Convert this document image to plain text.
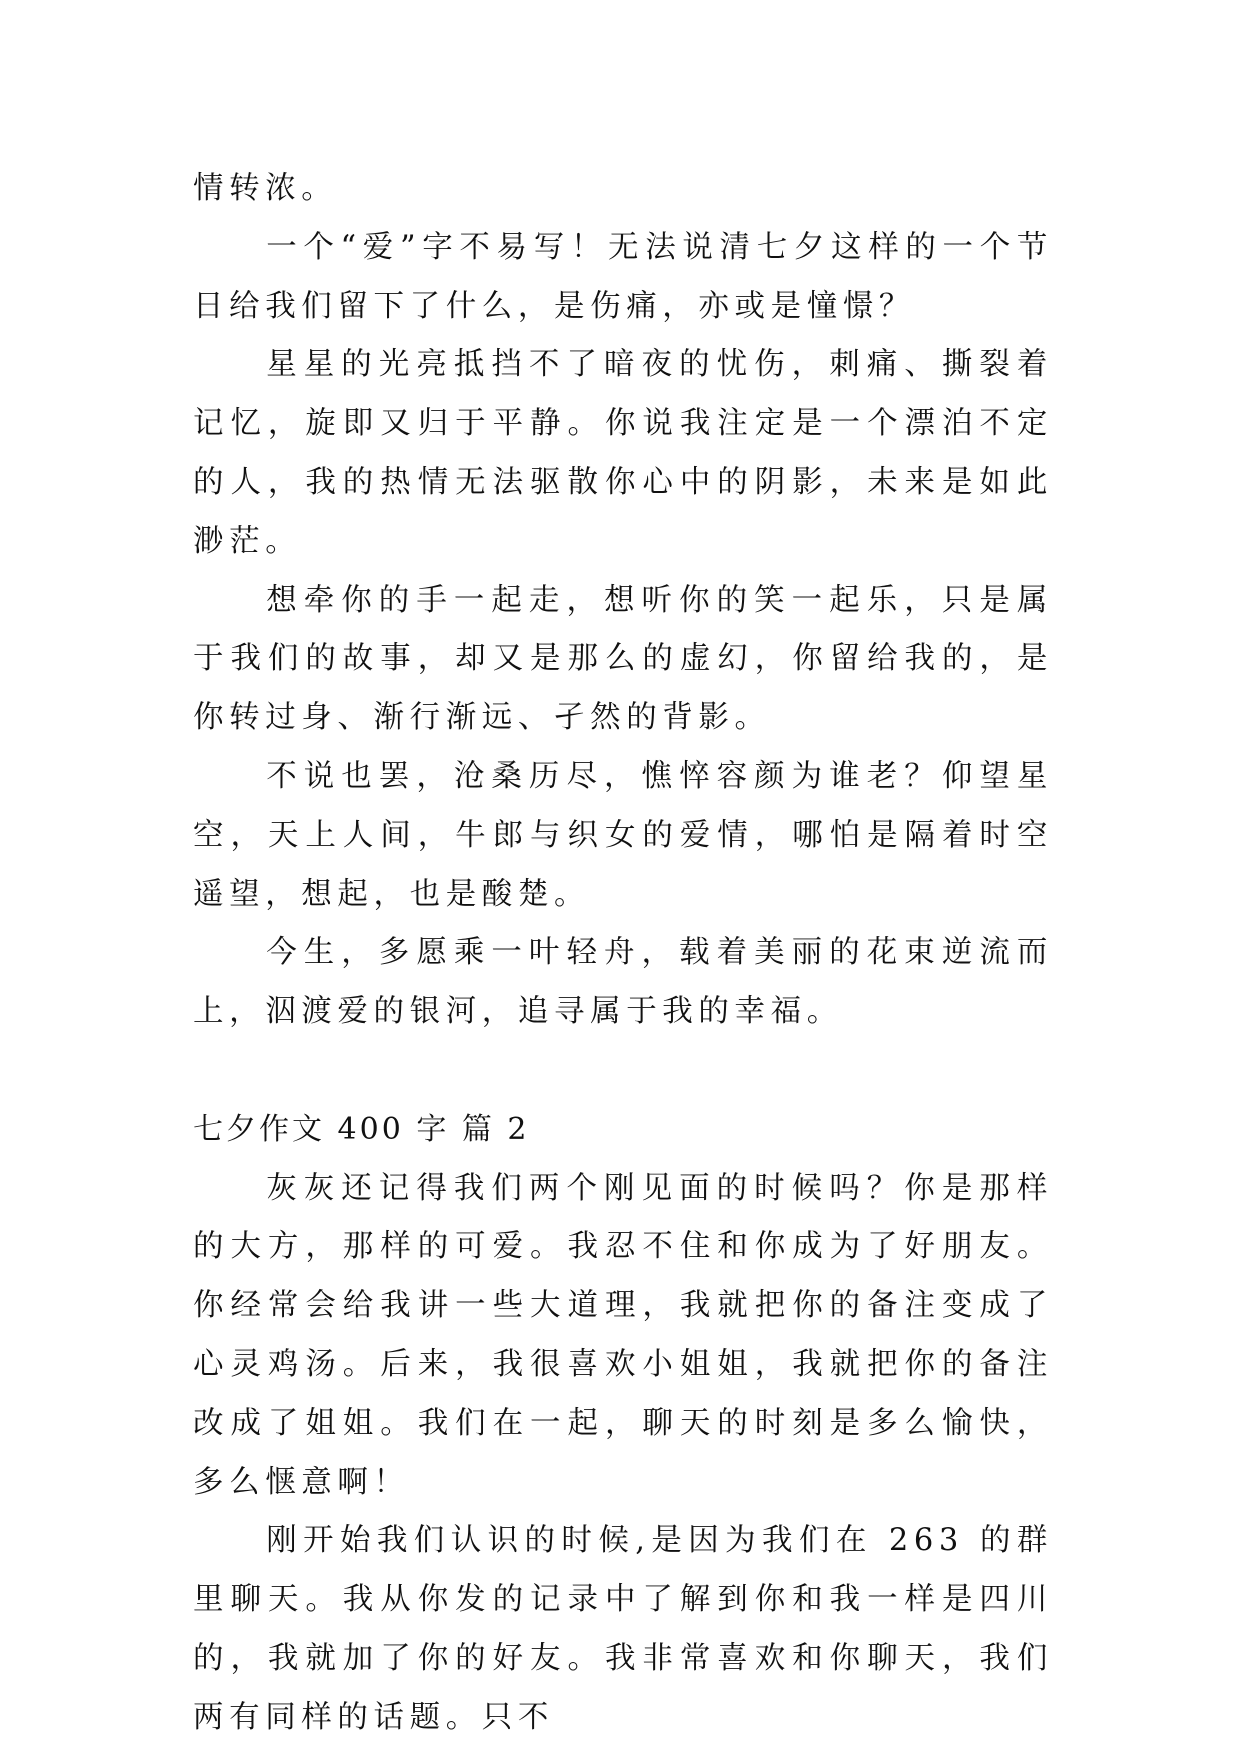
情转浓。

一个“爱”字不易写！无法说清七夕这样的一个节日给我们留下了什么，是伤痛，亦或是憧憬？

星星的光亮抵挡不了暗夜的忧伤，刺痛、撕裂着记忆，旋即又归于平静。你说我注定是一个漂泊不定的人，我的热情无法驱散你心中的阴影，未来是如此渺茫。

想牵你的手一起走，想听你的笑一起乐，只是属于我们的故事，却又是那么的虚幻，你留给我的，是你转过身、渐行渐远、孑然的背影。

不说也罢，沧桑历尽，憔悴容颜为谁老？仰望星空，天上人间，牛郎与织女的爱情，哪怕是隔着时空遥望，想起，也是酸楚。

今生，多愿乘一叶轻舟，载着美丽的花束逆流而上，泅渡爱的银河，追寻属于我的幸福。

七夕作文 400 字 篇 2

灰灰还记得我们两个刚见面的时候吗？你是那样的大方，那样的可爱。我忍不住和你成为了好朋友。你经常会给我讲一些大道理，我就把你的备注变成了心灵鸡汤。后来，我很喜欢小姐姐，我就把你的备注改成了姐姐。我们在一起，聊天的时刻是多么愉快，多么惬意啊！

刚开始我们认识的时候,是因为我们在 263 的群里聊天。我从你发的记录中了解到你和我一样是四川的，我就加了你的好友。我非常喜欢和你聊天，我们两有同样的话题。只不
